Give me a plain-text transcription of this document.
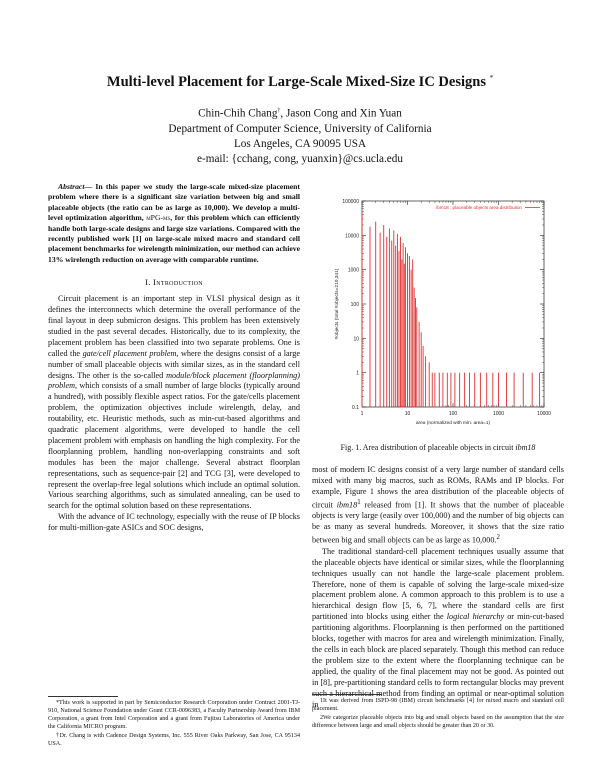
Multi-level Placement for Large-Scale Mixed-Size IC Designs *
Chin-Chih Chang†, Jason Cong and Xin Yuan
Department of Computer Science, University of California
Los Angeles, CA 90095 USA
e-mail: {cchang, cong, yuanxin}@cs.ucla.edu

Abstract— In this paper we study the large-scale mixed-size placement problem where there is a significant size variation between big and small placeable objects (the ratio can be as large as 10,000). We develop a multi-level optimization algorithm, mPG-ms, for this problem which can efficiently handle both large-scale designs and large size variations. Compared with the recently published work [1] on large-scale mixed macro and standard cell placement benchmarks for wirelength minimization, our method can achieve 13% wirelength reduction on average with comparable runtime.

I. Introduction

Circuit placement is an important step in VLSI physical design as it defines the interconnects which determine the overall performance of the final layout in deep submicron designs. This problem has been extensively studied in the past several decades. Historically, due to its complexity, the placement problem has been classified into two separate problems. One is called the gate/cell placement problem, where the designs consist of a large number of small placeable objects with similar sizes, as in the standard cell designs. The other is the so-called module/block placement (floorplanning) problem, which consists of a small number of large blocks (typically around a hundred), with possibly flexible aspect ratios. For the gate/cells placement problem, the optimization objectives include wirelength, delay, and routability, etc. Heuristic methods, such as min-cut-based algorithms and quadratic placement algorithms, were developed to handle the cell placement problem with emphasis on handling the high complexity. For the floorplanning problem, handling non-overlapping constraints and soft modules has been the major challenge. Several abstract floorplan representations, such as sequence-pair [2] and TCG [3], were developed to represent the overlap-free legal solutions which include an optimal solution. Various searching algorithms, such as simulated annealing, can be used to search for the optimal solution based on these representations.

With the advance of IC technology, especially with the reuse of IP blocks for multi-million-gate ASICs and SOC designs,

*This work is supported in part by Semiconductor Research Corporation under Contract 2001-TJ-910, National Science Foundation under Grant CCR-0096383, a Faculty Partnership Award from IBM Corporation, a grant from Intel Corporation and a grant from Fujitsu Laboratories of America under the California MICRO program.

†Dr. Chang is with Cadence Design Systems, Inc. 555 River Oaks Parkway, San Jose, CA 95134 USA.

0.1
1
10
100
1000
10000
100000
1	10	100	1000	10000
ibm18 : placeable objects area distribution
area (normalized with min. area=1)
#objects (total #objects=210,341)
Fig. 1. Area distribution of placeable objects in circuit ibm18

most of modern IC designs consist of a very large number of standard cells mixed with many big macros, such as ROMs, RAMs and IP blocks. For example, Figure 1 shows the area distribution of the placeable objects of circuit $ibm18^1$ released from [1]. It shows that the number of placeable objects is very large (easily over 100,000) and the number of big objects can be as many as several hundreds. Moreover, it shows that the size ratio between big and small objects can be as large as 10,000.$^2$

The traditional standard-cell placement techniques usually assume that the placeable objects have identical or similar sizes, while the floorplanning techniques usually can not handle the large-scale placement problem. Therefore, none of them is capable of solving the large-scale mixed-size placement problem alone. A common approach to this problem is to use a hierarchical design flow [5, 6, 7], where the standard cells are first partitioned into blocks using either the logical hierarchy or min-cut-based partitioning algorithms. Floorplanning is then performed on the partitioned blocks, together with macros for area and wirelength minimization. Finally, the cells in each block are placed separately. Though this method can reduce the problem size to the extent where the floorplanning technique can be applied, the quality of the final placement may not be good. As pointed out in [8], pre-partitioning standard cells to form rectangular blocks may prevent such a hierarchical method from finding an optimal or near-optimal solution in 1It was derived from ISPD-98 (IBM) circuit benchmarks [4] for mixed macro and standard cell placement.

2We categorize placeable objects into big and small objects based on the assumption that the size difference between large and small objects should be greater than 20 or 30.
